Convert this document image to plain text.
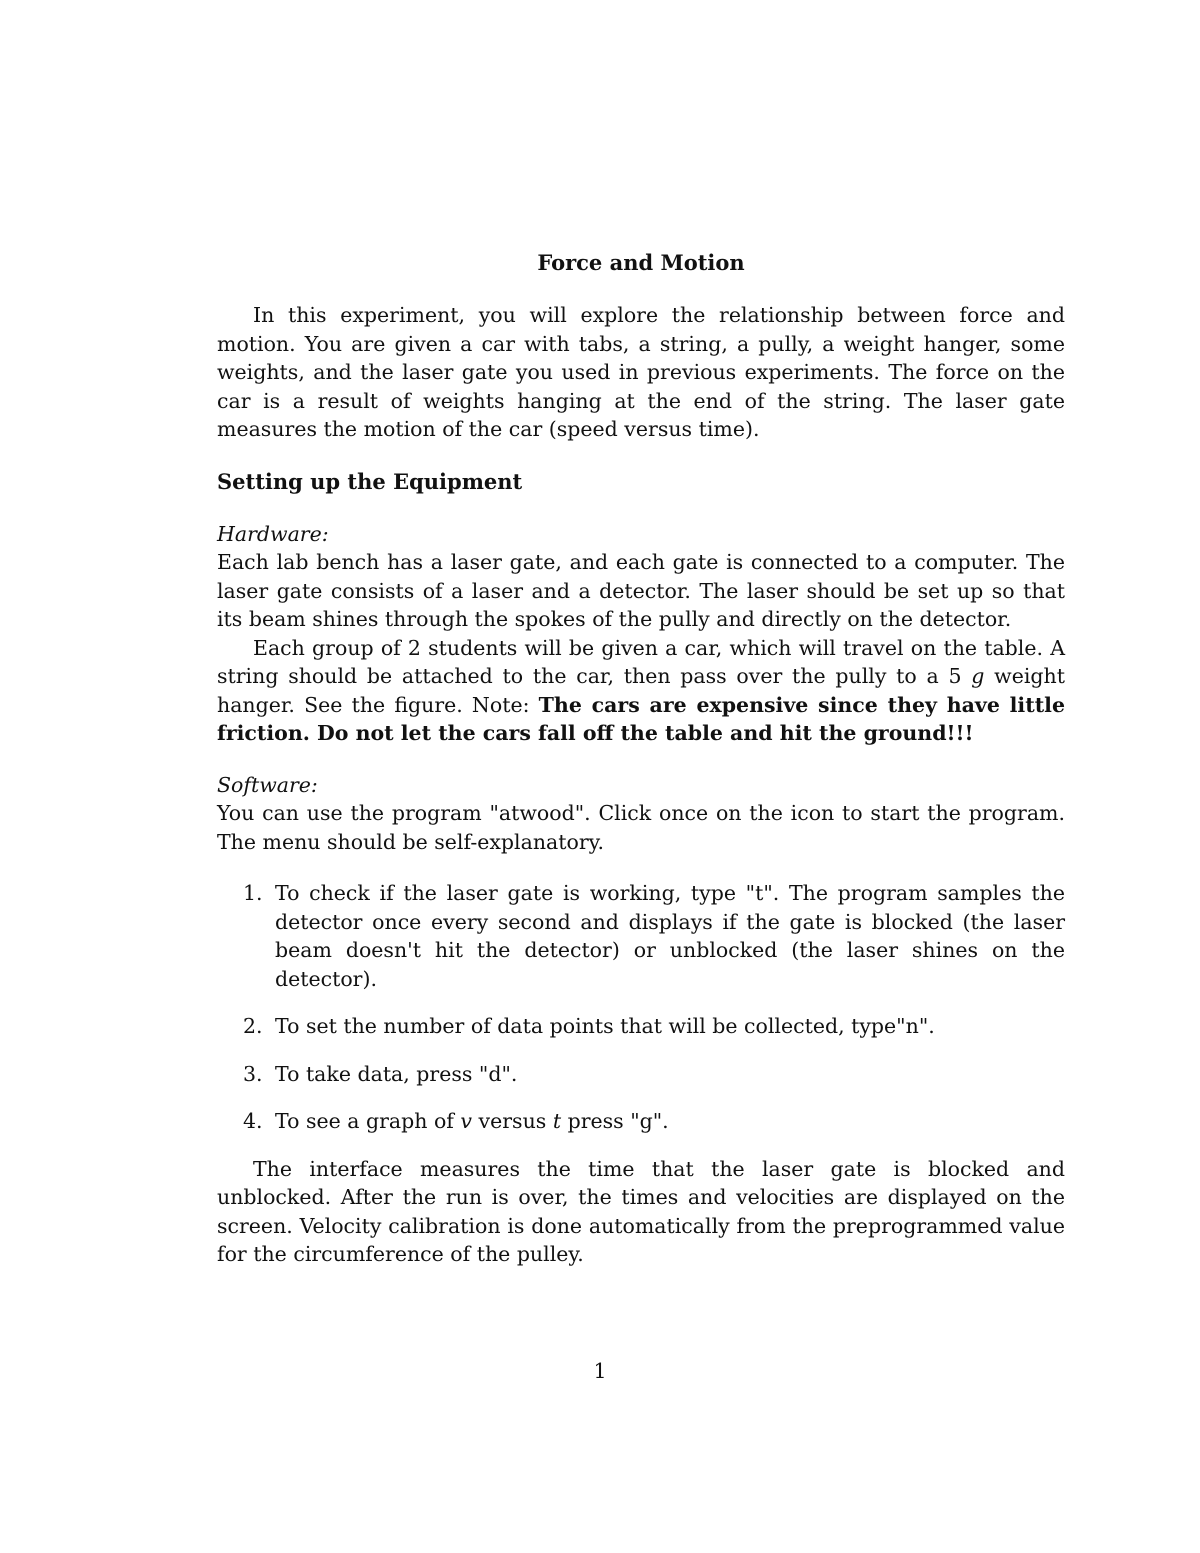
Force and Motion

In this experiment, you will explore the relationship between force and motion. You are given a car with tabs, a string, a pully, a weight hanger, some weights, and the laser gate you used in previous experiments. The force on the car is a result of weights hanging at the end of the string. The laser gate measures the motion of the car (speed versus time).

Setting up the Equipment

Hardware:

Each lab bench has a laser gate, and each gate is connected to a computer. The laser gate consists of a laser and a detector. The laser should be set up so that its beam shines through the spokes of the pully and directly on the detector.

Each group of 2 students will be given a car, which will travel on the table. A string should be attached to the car, then pass over the pully to a 5 g weight hanger. See the figure. Note: The cars are expensive since they have little friction. Do not let the cars fall off the table and hit the ground!!!

Software:

You can use the program "atwood". Click once on the icon to start the program. The menu should be self-explanatory.

1. To check if the laser gate is working, type "t". The program samples the detector once every second and displays if the gate is blocked (the laser beam doesn't hit the detector) or unblocked (the laser shines on the detector).
2. To set the number of data points that will be collected, type"n".
3. To take data, press "d".
4. To see a graph of v versus t press "g".

The interface measures the time that the laser gate is blocked and unblocked. After the run is over, the times and velocities are displayed on the screen. Velocity calibration is done automatically from the preprogrammed value for the circumference of the pulley.

1
